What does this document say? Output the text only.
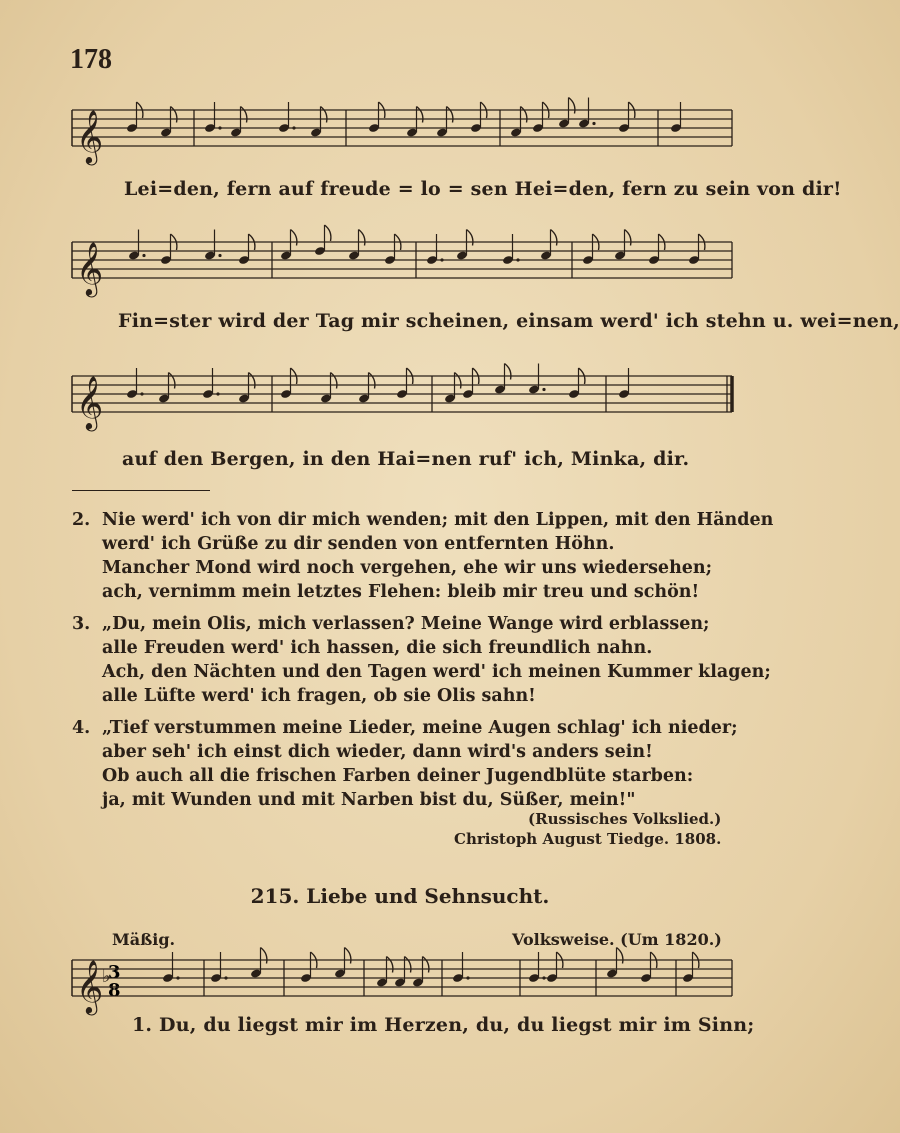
178
𝄞
Lei=den, fern auf freude = lo = sen Hei=den, fern zu sein von dir!
𝄞
Fin=ster wird der Tag mir scheinen, einsam werd' ich stehn u. wei=nen,
𝄞
auf den Bergen, in den Hai=nen ruf' ich, Minka, dir.
2. Nie werd' ich von dir mich wenden; mit den Lippen, mit den Händen
werd' ich Grüße zu dir senden von entfernten Höhn.
Mancher Mond wird noch vergehen, ehe wir uns wiedersehen;
ach, vernimm mein letztes Flehen: bleib mir treu und schön!
3. „Du, mein Olis, mich verlassen? Meine Wange wird erblassen;
alle Freuden werd' ich hassen, die sich freundlich nahn.
Ach, den Nächten und den Tagen werd' ich meinen Kummer klagen;
alle Lüfte werd' ich fragen, ob sie Olis sahn!
4. „Tief verstummen meine Lieder, meine Augen schlag' ich nieder;
aber seh' ich einst dich wieder, dann wird's anders sein!
Ob auch all die frischen Farben deiner Jugendblüte starben:
ja, mit Wunden und mit Narben bist du, Süßer, mein!"
(Russisches Volkslied.)
Christoph August Tiedge. 1808.
215. Liebe und Sehnsucht.
Mäßig.	Volksweise. (Um 1820.)
3
8
𝄞
♭
1. Du, du liegst mir im Herzen, du, du liegst mir im Sinn;
